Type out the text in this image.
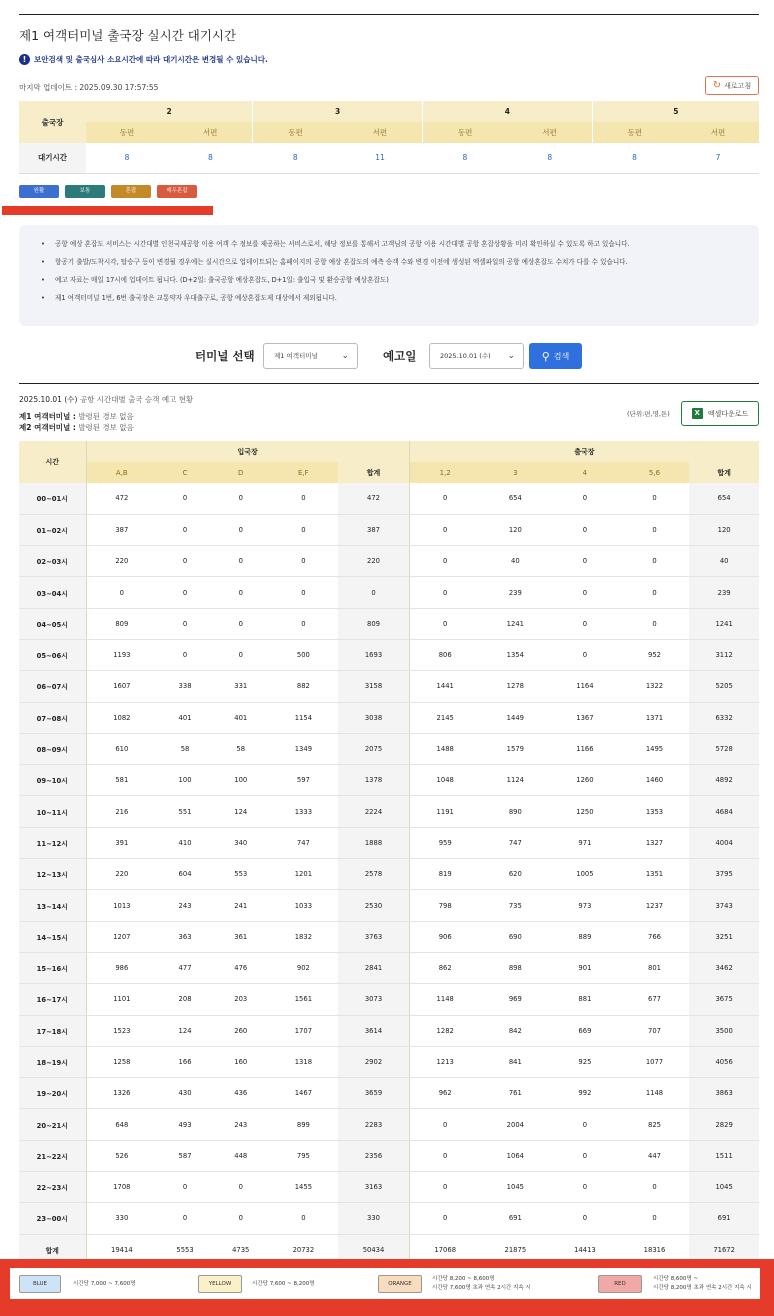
제1 여객터미널 출국장 실시간 대기시간
!	보안검색 및 출국심사 소요시간에 따라 대기시간은 변경될 수 있습니다.
마지막 업데이트 : 2025.09.30 17:57:55	↻ 새로고침
출국장	2		3		4		5	
	동편	서편	동편	서편	동편	서편	동편	서편
대기시간	8	8	8	11	8	8	8	7
원활	보통	혼잡	매우혼잡
• 공항 예상 혼잡도 서비스는 시간대별 인천국제공항 이용 여객 수 정보를 제공하는 서비스로서, 해당 정보를 통해서 고객님의 공항 이용 시간대별 공항 혼잡상황을 미리 확인하실 수 있도록 하고 있습니다.
• 항공기 출발/도착시각, 탑승구 등이 변경될 경우에는 실시간으로 업데이트되는 홈페이지의 공항 예상 혼잡도의 예측 승객 수와 변경 이전에 생성된 엑셀파일의 공항 예상혼잡도 수치가 다를 수 있습니다.
• 예고 자료는 매일 17시에 업데이트 됩니다. (D+2일: 출국공항 예상혼잡도, D+1일: 출입국 및 환승공항 예상혼잡도)
• 제1 여객터미널 1번, 6번 출국장은 교통약자 우대출구로, 공항 예상혼잡도제 대상에서 제외됩니다.
터미널 선택	제1 여객터미널	⌄	예고일	2025.10.01 (수) ⌄ ⚲ 검색
2025.10.01 (수) 공항 시간대별 출국 승객 예고 현황
제1 여객터미널 : 발령된 경보 없음
제2 여객터미널 : 발령된 경보 없음
(단위:편,명,톤)	X	엑셀다운로드
시간	입국장					출국장				
	A,B	C	D	E,F	합계	1,2	3	4	5,6	합계
00~01시	472	0	0	0	472	0	654	0	0	654
01~02시	387	0	0	0	387	0	120	0	0	120
02~03시	220	0	0	0	220	0	40	0	0	40
03~04시	0	0	0	0	0	0	239	0	0	239
04~05시	809	0	0	0	809	0	1241	0	0	1241
05~06시	1193	0	0	500	1693	806	1354	0	952	3112
06~07시	1607	338	331	882	3158	1441	1278	1164	1322	5205
07~08시	1082	401	401	1154	3038	2145	1449	1367	1371	6332
08~09시	610	58	58	1349	2075	1488	1579	1166	1495	5728
09~10시	581	100	100	597	1378	1048	1124	1260	1460	4892
10~11시	216	551	124	1333	2224	1191	890	1250	1353	4684
11~12시	391	410	340	747	1888	959	747	971	1327	4004
12~13시	220	604	553	1201	2578	819	620	1005	1351	3795
13~14시	1013	243	241	1033	2530	798	735	973	1237	3743
14~15시	1207	363	361	1832	3763	906	690	889	766	3251
15~16시	986	477	476	902	2841	862	898	901	801	3462
16~17시	1101	208	203	1561	3073	1148	969	881	677	3675
17~18시	1523	124	260	1707	3614	1282	842	669	707	3500
18~19시	1258	166	160	1318	2902	1213	841	925	1077	4056
19~20시	1326	430	436	1467	3659	962	761	992	1148	3863
20~21시	648	493	243	899	2283	0	2004	0	825	2829
21~22시	526	587	448	795	2356	0	1064	0	447	1511
22~23시	1708	0	0	1455	3163	0	1045	0	0	1045
23~00시	330	0	0	0	330	0	691	0	0	691
합계	19414	5553	4735	20732	50434	17068	21875	14413	18316	71672
BLUE	시간당 7,000 ~ 7,600명	YELLOW	시간당 7,600 ~ 8,200명	ORANGE
시간당 8,200 ~ 8,600명
시간당 7,600명 초과 연속 2시간 지속 시
RED
시간당 8,600명 ~
시간당 8,200명 초과 연속 2시간 지속 시
